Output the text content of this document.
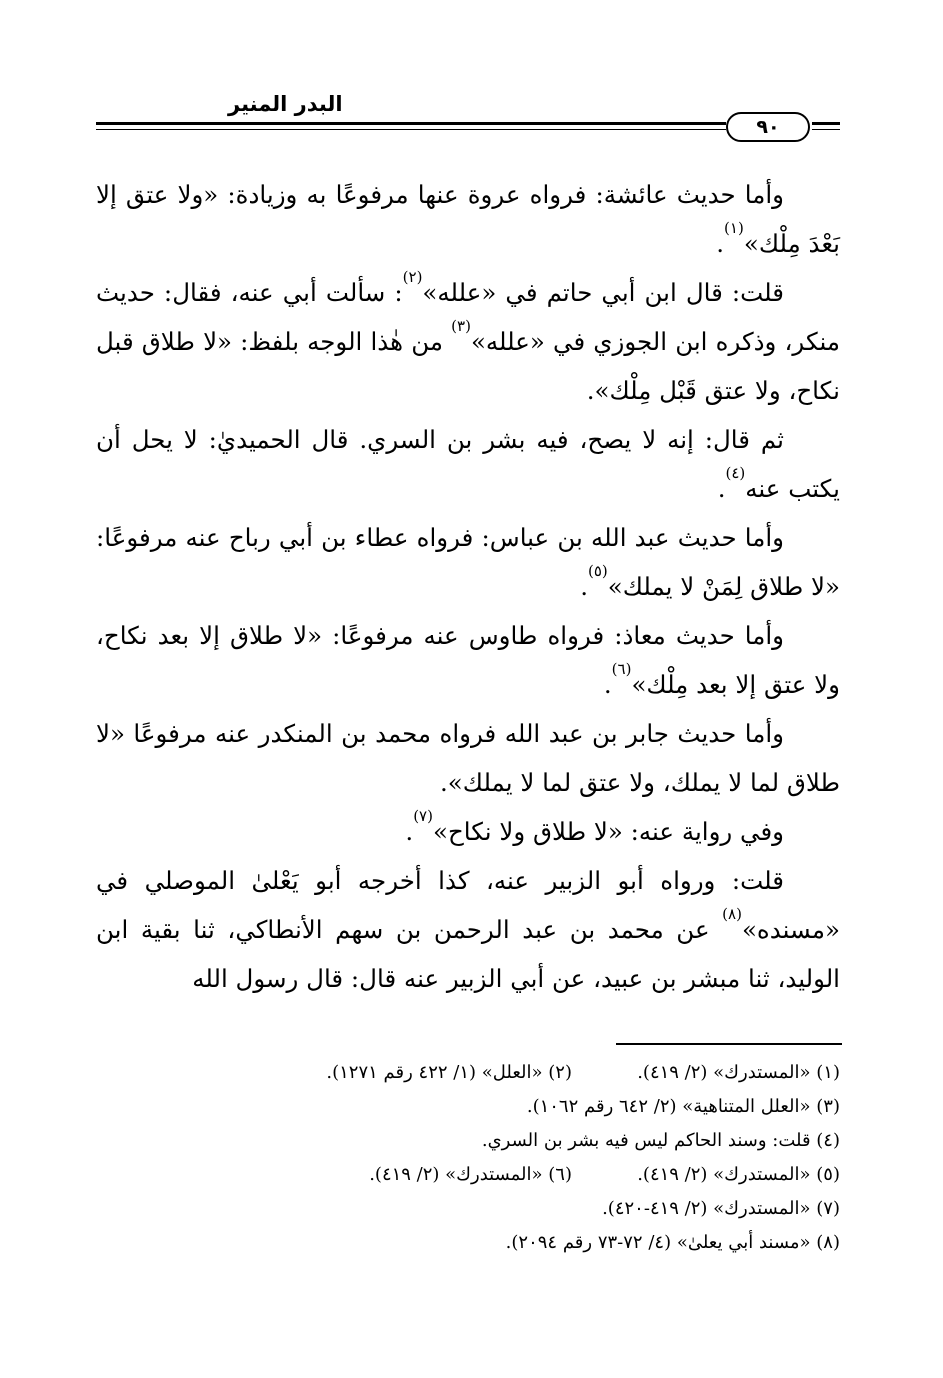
البدر المنير
٩٠

وأما حديث عائشة: فرواه عروة عنها مرفوعًا به وزيادة: «ولا عتق إلا بَعْدَ مِلْك»$^{(١)}$.

قلت: قال ابن أبي حاتم في «علله»$^{(٢)}$: سألت أبي عنه، فقال: حديث منكر، وذكره ابن الجوزي في «علله»$^{(٣)}$ من هٰذا الوجه بلفظ: «لا طلاق قبل نكاح، ولا عتق قَبْل مِلْك».

ثم قال: إنه لا يصح، فيه بشر بن السري. قال الحميديٰ: لا يحل أن يكتب عنه$^{(٤)}$.

وأما حديث عبد الله بن عباس: فرواه عطاء بن أبي رباح عنه مرفوعًا: «لا طلاق لِمَنْ لا يملك»$^{(٥)}$.

وأما حديث معاذ: فرواه طاوس عنه مرفوعًا: «لا طلاق إلا بعد نكاح، ولا عتق إلا بعد مِلْك»$^{(٦)}$.

وأما حديث جابر بن عبد الله فرواه محمد بن المنكدر عنه مرفوعًا «لا طلاق لما لا يملك، ولا عتق لما لا يملك».

وفي رواية عنه: «لا طلاق ولا نكاح»$^{(٧)}$.

قلت: ورواه أبو الزبير عنه، كذا أخرجه أبو يَعْلىٰ الموصلي في «مسنده»$^{(٨)}$ عن محمد بن عبد الرحمن بن سهم الأنطاكي، ثنا بقية ابن الوليد، ثنا مبشر بن عبيد، عن أبي الزبير عنه قال: قال رسول الله

(١) «المستدرك» (٢/ ٤١٩).
(٢) «العلل» (١/ ٤٢٢ رقم ١٢٧١).
(٣) «العلل المتناهية» (٢/ ٦٤٢ رقم ١٠٦٢).
(٤) قلت: وسند الحاكم ليس فيه بشر بن السري.
(٥) «المستدرك» (٢/ ٤١٩).
(٦) «المستدرك» (٢/ ٤١٩).
(٧) «المستدرك» (٢/ ٤١٩-٤٢٠).
(٨) «مسند أبي يعلىٰ» (٤/ ٧٢-٧٣ رقم ٢٠٩٤).
